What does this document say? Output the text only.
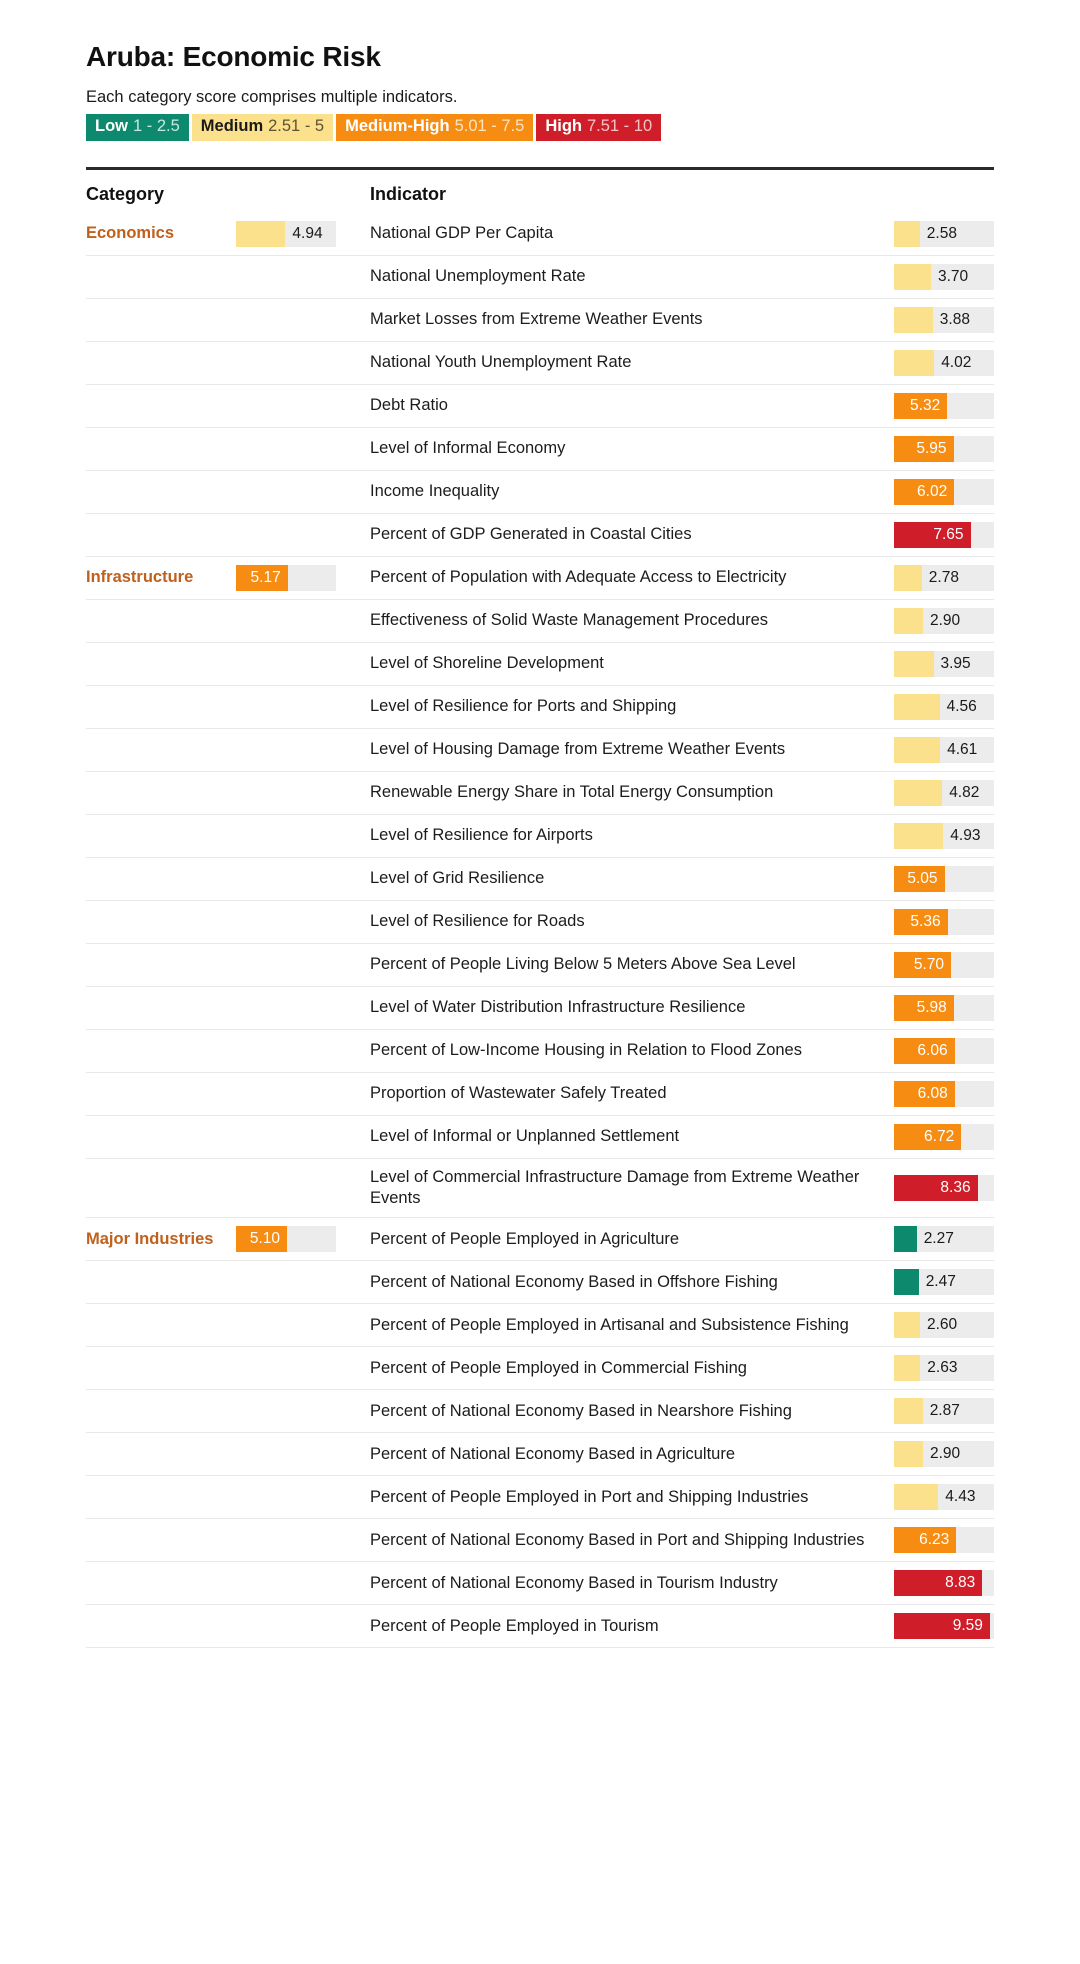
Aruba: Economic Risk

Each category score comprises multiple indicators.

Low 1 - 2.5 Medium 2.51 - 5 Medium-High 5.01 - 7.5 High 7.51 - 10
Category	Indicator
Economics	4.94	National GDP Per Capita	2.58
National Unemployment Rate	3.70
Market Losses from Extreme Weather Events	3.88
National Youth Unemployment Rate	4.02
Debt Ratio	5.32
Level of Informal Economy	5.95
Income Inequality	6.02
Percent of GDP Generated in Coastal Cities	7.65
Infrastructure	5.17	Percent of Population with Adequate Access to Electricity	2.78
Effectiveness of Solid Waste Management Procedures	2.90
Level of Shoreline Development	3.95
Level of Resilience for Ports and Shipping	4.56
Level of Housing Damage from Extreme Weather Events	4.61
Renewable Energy Share in Total Energy Consumption	4.82
Level of Resilience for Airports	4.93
Level of Grid Resilience	5.05
Level of Resilience for Roads	5.36
Percent of People Living Below 5 Meters Above Sea Level	5.70
Level of Water Distribution Infrastructure Resilience	5.98
Percent of Low-Income Housing in Relation to Flood Zones	6.06
Proportion of Wastewater Safely Treated	6.08
Level of Informal or Unplanned Settlement	6.72
Level of Commercial Infrastructure Damage from Extreme Weather Events
8.36
Major Industries	5.10	Percent of People Employed in Agriculture	2.27
Percent of National Economy Based in Offshore Fishing	2.47
Percent of People Employed in Artisanal and Subsistence Fishing	2.60
Percent of People Employed in Commercial Fishing	2.63
Percent of National Economy Based in Nearshore Fishing	2.87
Percent of National Economy Based in Agriculture	2.90
Percent of People Employed in Port and Shipping Industries	4.43
Percent of National Economy Based in Port and Shipping Industries	6.23
Percent of National Economy Based in Tourism Industry	8.83
Percent of People Employed in Tourism	9.59
